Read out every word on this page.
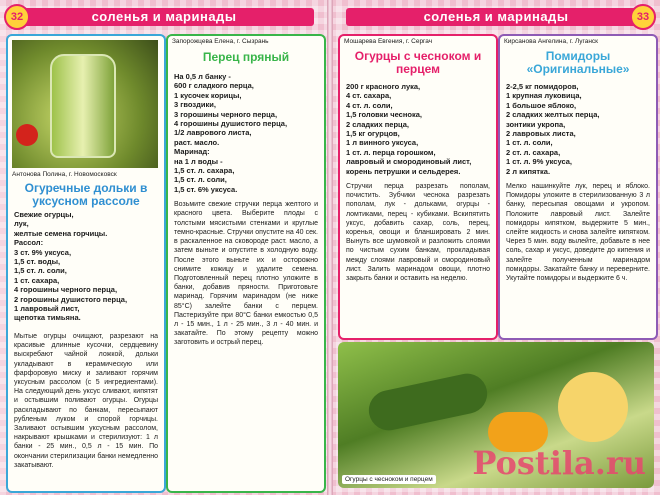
соленья и маринады
32
Антонова Полина, г. Новомосковск
Огуречные дольки в уксусном рассоле
Свежие огурцы,
лук,
желтые семена горчицы.
Рассол:
3 ст. 9% уксуса,
1,5 ст. воды,
1,5 ст. л. соли,
1 ст. сахара,
4 горошины черного перца,
2 горошины душистого перца,
1 лавровый лист,
щепотка тимьяна.
Мытые огурцы очищают, разрезают на красивые длинные кусочки, сердцевину выскребают чайной ложкой, дольки укладывают в керамическую или фарфоровую миску и заливают горячим уксусным рассолом (с 5 ингредиентами). На следующий день уксус сливают, кипятят и остывшим поливают огурцы. Огурцы раскладывают по банкам, пересыпают рубленым луком и спорой горчицы. Заливают остывшим уксусным рассолом, накрывают крышками и стерилизуют: 1 л банки - 25 мин., 0,5 л - 15 мин. По окончании стерилизации банки немедленно закатывают.
Запорожцева Елена, г. Сызрань
Перец пряный
На 0,5 л банку -
600 г сладкого перца,
1 кусочек корицы,
3 гвоздики,
3 горошины черного перца,
4 горошины душистого перца,
1/2 лаврового листа,
раст. масло.
Маринад:
на 1 л воды -
1,5 ст. л. сахара,
1,5 ст. л. соли,
1,5 ст. 6% уксуса.
Возьмите свежие стручки перца желтого и красного цвета. Выберите плоды с толстыми мясистыми стенками и круглые темно-красные. Стручки опустите на 40 сек. в раскаленное на сковороде раст. масло, а затем выньте и опустите в холодную воду. После этого выньте их и осторожно снимите кожицу и удалите семена. Подготовленный перец плотно уложите в банки, добавив пряности. Приготовьте маринад. Горячим маринадом (не ниже 85°С) залейте банки с перцем. Пастеризуйте при 80°С банки емкостью 0,5 л - 15 мин., 1 л - 25 мин., 3 л - 40 мин. и закатайте. По этому рецепту можно заготовить и острый перец.
соленья и маринады	33
Мошарева Евгения, г. Сергач
Огурцы с чесноком и перцем
200 г красного лука,
4 ст. сахара,
4 ст. л. соли,
1,5 головки чеснока,
2 сладких перца,
1,5 кг огурцов,
1 л винного уксуса,
1 ст. л. перца горошком,
лавровый и смородиновый лист,
корень петрушки и сельдерея.
Стручки перца разрезать пополам, почистить. Зубчики чеснока разрезать пополам, лук - дольками, огурцы - ломтиками, перец - кубиками. Вскипятить уксус, добавить сахар, соль, перец, коренья, овощи и бланшировать 2 мин. Вынуть все шумовкой и разложить слоями по чистым сухим банкам, прокладывая между слоями лавровый и смородиновый лист. Залить маринадом овощи, плотно закрыть банки и оставить на неделю.
Кирсанова Ангелина, г. Луганск
Помидоры «Оригинальные»
2-2,5 кг помидоров,
1 крупная луковица,
1 большое яблоко,
2 сладких желтых перца,
зонтики укропа,
2 лавровых листа,
1 ст. л. соли,
2 ст. л. сахара,
1 ст. л. 9% уксуса,
2 л кипятка.
Мелко нашинкуйте лук, перец и яблоко. Помидоры уложите в стерилизованную 3 л банку, пересыпая овощами и укропом. Положите лавровый лист. Залейте помидоры кипятком, выдержите 5 мин., слейте жидкость и снова залейте кипятком. Через 5 мин. воду вылейте, добавьте в нее соль, сахар и уксус, доведите до кипения и залейте полученным маринадом помидоры. Закатайте банку и переверните. Укутайте помидоры и выдержите 6 ч.
Огурцы с чесноком и перцем Postila.ru
